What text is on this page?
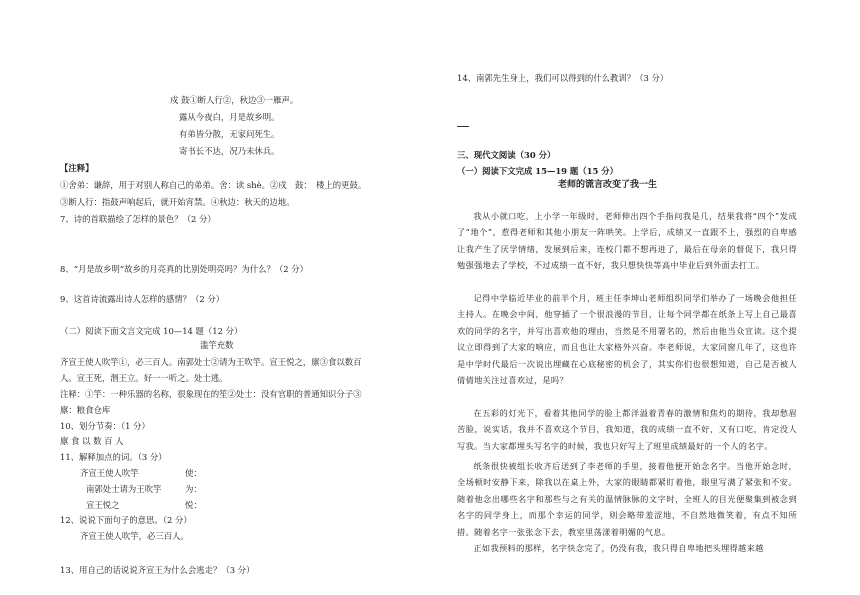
戍 鼓①断人行②，秋边③一雁声。
露从今夜白，月是故乡明。
有弟皆分散，无家问死生。
寄书长不达，况乃未休兵。
【注释】
①舍弟：谦辞，用于对别人称自己的弟弟。舍：读 shè。②戍　鼓：　楼上的更鼓。
③断人行：指鼓声响起后，就开始宵禁。④秋边：秋天的边地。
7、诗的首联描绘了怎样的景色？（2 分）
8、“月是故乡明”故乡的月亮真的比别处明亮吗？为什么？（2 分）
9、这首诗流露出诗人怎样的感情？（2 分）
（二）阅读下面文言文完成 10—14 题（12 分）
滥竽充数
齐宣王使人吹竽①，必三百人。南郭处士②请为王吹竽。宣王悦之，廪③食以数百
人。宣王死，湣王立。好一一听之。处士逃。
注释：①竽：一种乐器的名称，很象现在的笙②处士：没有官职的普通知识分子③
廪：粮食仓库
10、划分节奏：（1 分）
廪 食 以 数 百 人
11、解释加点的词。（3 分）
齐宣王使人吹竽	使：
南郭处士请为王吹竽	为：
宣王悦之	悦：
12、说说下面句子的意思。（2 分）
齐宣王使人吹竽，必三百人。
13、用自己的话说说齐宣王为什么会逃走？（3 分）
14、南郭先生身上，我们可以得到的什么教训？（3 分）
三、现代文阅读（30 分）
（一）阅读下文完成 15—19 题（15 分）
老师的谎言改变了我一生
我从小就口吃，上小学一年级时，老师伸出四个手指问我是几，结果我将“四个”发成了“地个”，惹得老师和其他小朋友一阵哄笑。上学后，成绩又一直跟不上，强烈的自卑感让我产生了厌学情绪，发展到后来，连校门都不想再进了，最后在母亲的督促下，我只得勉强强地去了学校，不过成绩一直不好，我只想快快等高中毕业后到外面去打工。
记得中学临近毕业的前半个月，班主任李坤山老师组织同学们举办了一场晚会他担任主持人。在晚会中间，他穿插了一个很浪漫的节目，让每个同学都在纸条上写上自己最喜欢的同学的名字，并写出喜欢他的理由，当然是不用署名的，然后由他当众宣读。这个提议立即得到了大家的响应，而且也让大家格外兴奋。李老师说，大家同窗几年了，这也许是中学时代最后一次说出埋藏在心底秘密的机会了，其实你们也很想知道，自己是否被人倩倩地关注过喜欢过，是吗？
在五彩的灯光下，看着其他同学的脸上都洋溢着青春的激情和焦灼的期待，我却愁眉苦脸，说实话，我并不喜欢这个节目，我知道，我的成绩一直不好，又有口吃，肯定没人写我。当大家都埋头写名字的时候，我也只好写上了班里成绩最好的一个人的名字。
纸条很快被组长收齐后送到了李老师的手里，接着他便开始念名字。当他开始念时，全场顿时安静下来，除我以在桌上外，大家的眼睛都紧盯着他，眼里写满了紧张和不安。随着他念出哪些名字和那些与之有关的温情脉脉的文字时，全班人的目光便聚集到被念到名字的同学身上，而那个幸运的同学，则会略带羞涩地，不自然地微笑着，有点不知所措。随着名字一张张念下去，教室里荡漾着明媚的气息。
正如我预料的那样，名字快念完了，仍没有我，我只得自卑地把头埋得越来越
